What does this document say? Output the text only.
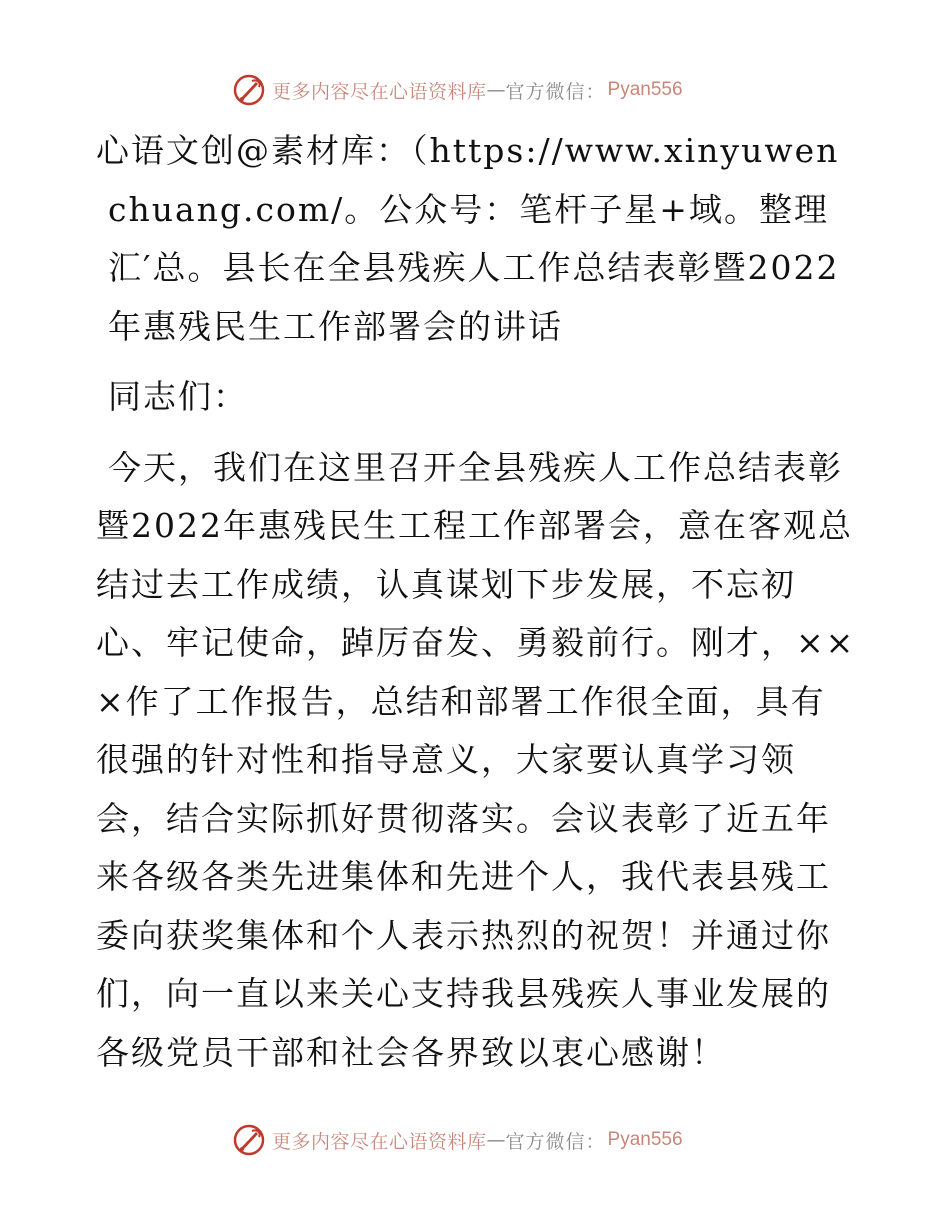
更多内容尽在心语资料库 — 官方微信： Pyan556

心语文创@素材库：（https://www.xinyuwenchuang.com/。公众号：笔杆子星+域。整理汇′总。县长在全县残疾人工作总结表彰暨2022年惠残民生工作部署会的讲话

同志们：

今天，我们在这里召开全县残疾人工作总结表彰暨2022年惠残民生工程工作部署会，意在客观总结过去工作成绩，认真谋划下步发展，不忘初心、牢记使命，踔厉奋发、勇毅前行。刚才，×××作了工作报告，总结和部署工作很全面，具有很强的针对性和指导意义，大家要认真学习领会，结合实际抓好贯彻落实。会议表彰了近五年来各级各类先进集体和先进个人，我代表县残工委向获奖集体和个人表示热烈的祝贺！并通过你们，向一直以来关心支持我县残疾人事业发展的各级党员干部和社会各界致以衷心感谢！

更多内容尽在心语资料库 — 官方微信： Pyan556
